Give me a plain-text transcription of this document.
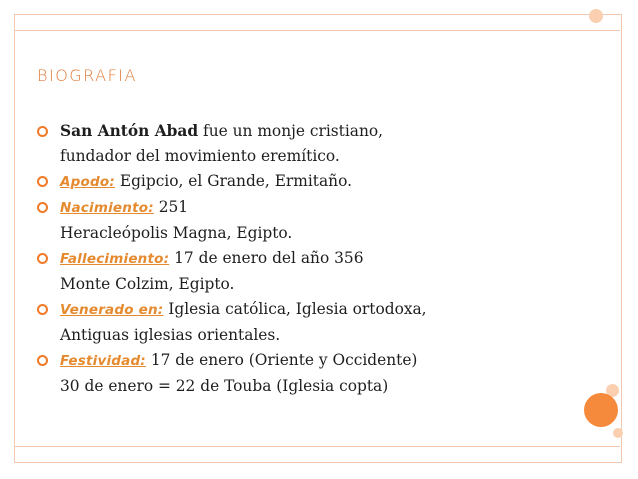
BIOGRAFIA
San Antón Abad fue un monje cristiano,
fundador del movimiento eremítico.
Apodo: Egipcio, el Grande, Ermitaño.
Nacimiento: 251
Heracleópolis Magna, Egipto.
Fallecimiento: 17 de enero del año 356
Monte Colzim, Egipto.
Venerado en: Iglesia católica, Iglesia ortodoxa,
Antiguas iglesias orientales.
Festividad: 17 de enero (Oriente y Occidente)
30 de enero = 22 de Touba (Iglesia copta)
